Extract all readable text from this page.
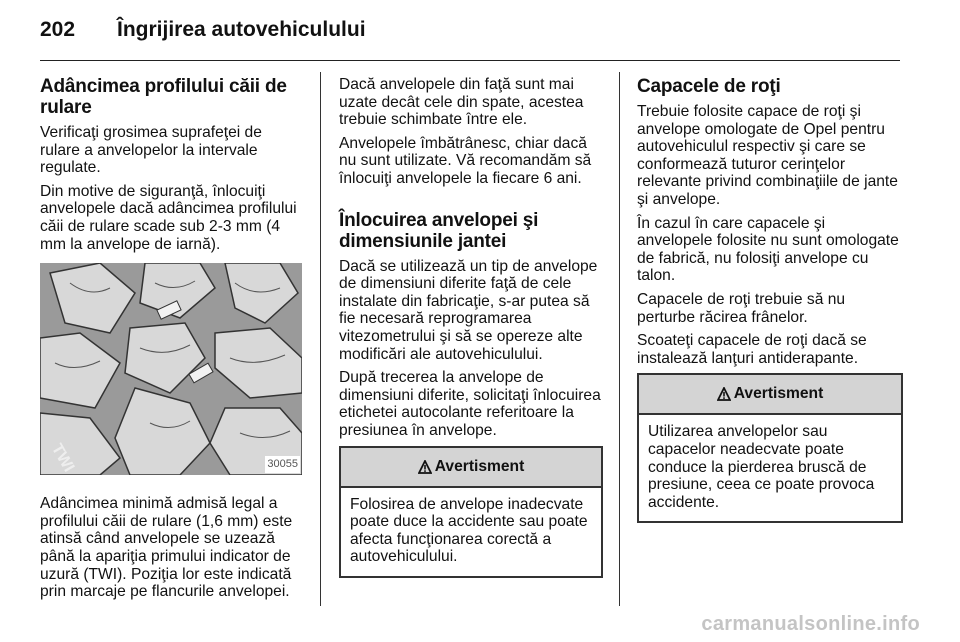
202 Îngrijirea autovehiculului
Adâncimea profilului căii de rulare

Verificaţi grosimea suprafeţei de rulare a anvelopelor la intervale regulate.

Din motive de siguranţă, înlocuiţi anvelopele dacă adâncimea profilului căii de rulare scade sub 2-3 mm (4 mm la anvelope de iarnă).

TWI	30055

Adâncimea minimă admisă legal a profilului căii de rulare (1,6 mm) este atinsă când anvelopele se uzează până la apariţia primului indicator de uzură (TWI). Poziţia lor este indicată prin marcaje pe flancurile anvelopei.

Dacă anvelopele din faţă sunt mai uzate decât cele din spate, acestea trebuie schimbate între ele.

Anvelopele îmbătrânesc, chiar dacă nu sunt utilizate. Vă recomandăm să înlocuiţi anvelopele la fiecare 6 ani.

Înlocuirea anvelopei şi dimensiunile jantei

Dacă se utilizează un tip de anvelope de dimensiuni diferite faţă de cele instalate din fabricaţie, s-ar putea să fie necesară reprogramarea vitezometrului şi să se opereze alte modificări ale autovehiculului.

După trecerea la anvelope de dimensiuni diferite, solicitaţi înlocuirea etichetei autocolante referitoare la presiunea în anvelope.

Avertisment
Folosirea de anvelope inadecvate poate duce la accidente sau poate afecta funcţionarea corectă a autovehiculului.
Capacele de roţi

Trebuie folosite capace de roţi şi anvelope omologate de Opel pentru autovehiculul respectiv şi care se conformează tuturor cerinţelor relevante privind combinaţiile de jante şi anvelope.

În cazul în care capacele şi anvelopele folosite nu sunt omologate de fabrică, nu folosiţi anvelope cu talon.

Capacele de roţi trebuie să nu perturbe răcirea frânelor.

Scoateţi capacele de roţi dacă se instalează lanţuri antiderapante.

Avertisment
Utilizarea anvelopelor sau capacelor neadecvate poate conduce la pierderea bruscă de presiune, ceea ce poate provoca accidente.
carmanualsonline.info
